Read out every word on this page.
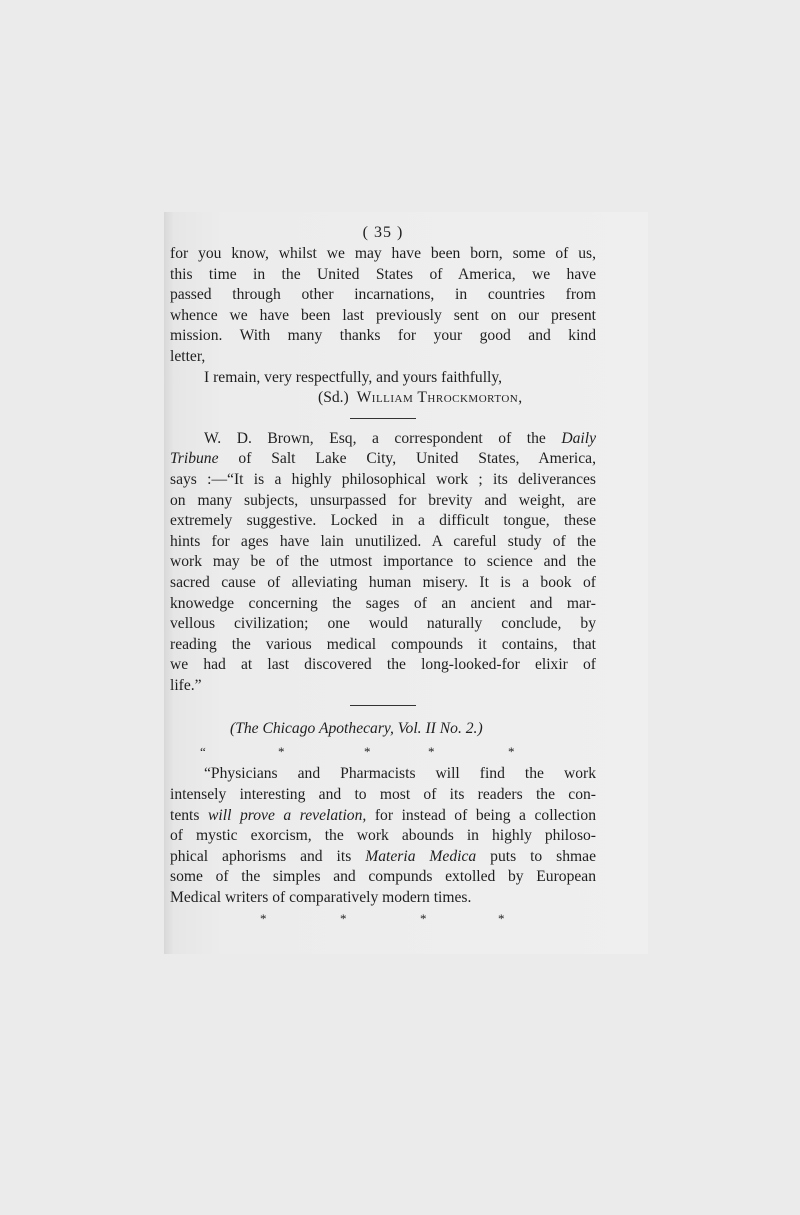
( 35 )
for you know, whilst we may have been born, some of us,
this time in the United States of America, we have
passed through other incarnations, in countries from
whence we have been last previously sent on our present
mission. With many thanks for your good and kind
letter,
I remain, very respectfully, and yours faithfully,
(Sd.) William Throckmorton,
W. D. Brown, Esq, a correspondent of the Daily
Tribune of Salt Lake City, United States, America,
says :—“It is a highly philosophical work ; its deliverances
on many subjects, unsurpassed for brevity and weight, are
extremely suggestive. Locked in a difficult tongue, these
hints for ages have lain unutilized. A careful study of the
work may be of the utmost importance to science and the
sacred cause of alleviating human misery. It is a book of
knowedge concerning the sages of an ancient and mar-
vellous civilization; one would naturally conclude, by
reading the various medical compounds it contains, that
we had at last discovered the long-looked-for elixir of
life.”
(The Chicago Apothecary, Vol. II No. 2.)
“	*	*	*	*
“Physicians and Pharmacists will find the work
intensely interesting and to most of its readers the con-
tents will prove a revelation, for instead of being a collection
of mystic exorcism, the work abounds in highly philoso-
phical aphorisms and its Materia Medica puts to shmae
some of the simples and compunds extolled by European
Medical writers of comparatively modern times.
*	*	*	*
